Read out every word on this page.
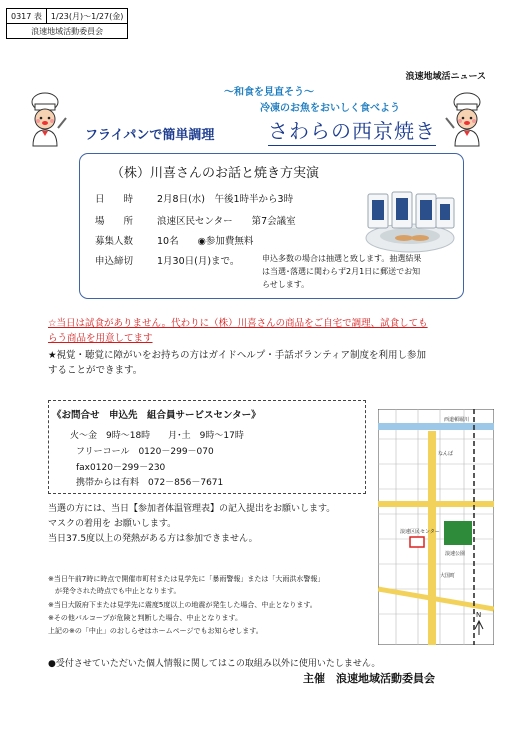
0317 表	1/23(月)～1/27(金)
浪速地域活動委員会
浪速地域活ニュース
～和食を見直そう～
冷凍のお魚をおいしく食べよう
フライパンで簡単調理	さわらの西京焼き
（株）川喜さんのお話と焼き方実演
日　　時	2月8日(水)　午後1時半から3時
場　　所	浪速区民センター　　第7会議室
募集人数	10名　　◉参加費無料
申込締切	1月30日(月)まで。	申込多数の場合は抽選と致します。抽選結果
は当選･落選に関わらず2月1日に郵送でお知
らせします。
☆当日は試食がありません。代わりに（株）川喜さんの商品をご自宅で調理、試食しても
らう商品を用意してます
★視覚・聴覚に障がいをお持ちの方はガイドヘルプ・手話ボランティア制度を利用し参加
することができます。
《お問合せ　申込先　組合員サービスセンター》
火～金　9時～18時　　月･土　9時～17時
フリーコール　0120－299－070
fax0120－299－230
携帯からは有料　072－856－7671
西道頓堀川
なんば
浪速区民センター
浪速公園
大国町
N
当選の方には、当日【参加者体温管理表】の記入提出をお願いします。
マスクの着用を お願いします。
当日37.5度以上の発熱がある方は参加できません。
※当日午前7時に時点で開催市町村または見学先に「暴雨警報」または「大雨洪水警報」
　が発令された時点でも中止となります。
※当日大阪府下または見学先に震度5度以上の地震が発生した場合、中止となります。
※その他バルコープが危険と判断した場合、中止となります。
上記の※の「中止」のおしらせはホームページでもお知らせします。
●受付させていただいた個人情報に関してはこの取組み以外に使用いたしません。
主催　浪速地域活動委員会
